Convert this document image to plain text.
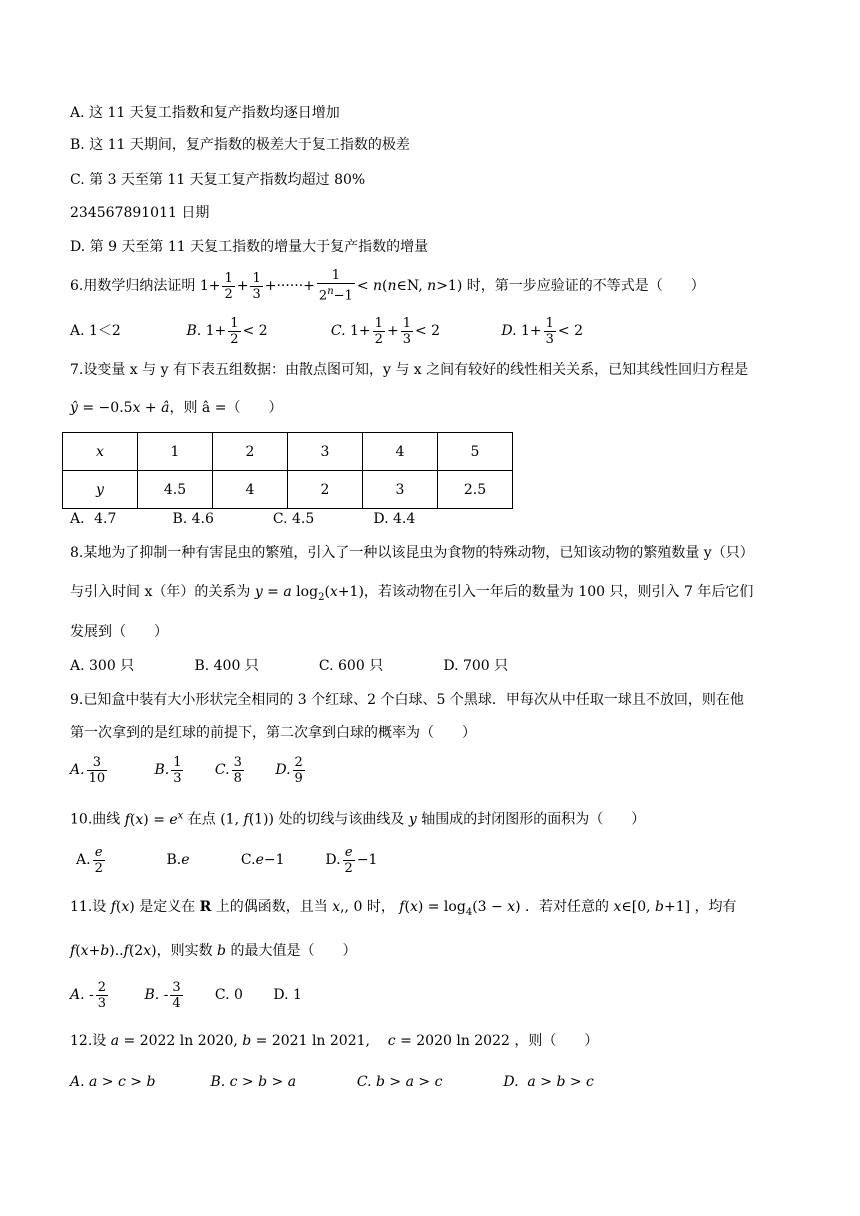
A. 这 11 天复工指数和复产指数均逐日增加
B. 这 11 天期间，复产指数的极差大于复工指数的极差
C. 第 3 天至第 11 天复工复产指数均超过 80%
234567891011 日期
D. 第 9 天至第 11 天复工指数的增量大于复产指数的增量
6.用数学归纳法证明 $1+ \frac{1}{2} + \frac{1}{3}$ +······+ $\frac{1}{2^n-1}$ < n(n∈N, n>1) 时，第一步应验证的不等式是（　　）
A. 1＜2	B. $1+ \frac{1}{2} < 2$	C. $1+ \frac{1}{2} + \frac{1}{3} < 2$	D. $1+ \frac{1}{3} < 2$
7.设变量 x 与 y 有下表五组数据：由散点图可知，y 与 x 之间有较好的线性相关关系，已知其线性回归方程是
ŷ = −0.5x + â，则 â =（　　）
x	1	2	3	4	5
y	4.5	4	2	3	2.5
A．4.7	B. 4.6	C. 4.5	D. 4.4
8.某地为了抑制一种有害昆虫的繁殖，引入了一种以该昆虫为食物的特殊动物，已知该动物的繁殖数量 y（只）
与引入时间 x（年）的关系为 y = a $\log_2(x+1)$，若该动物在引入一年后的数量为 100 只，则引入 7 年后它们
发展到（　　）
A. 300 只	B. 400 只	C. 600 只	D. 700 只
9.已知盒中装有大小形状完全相同的 3 个红球、2 个白球、5 个黑球．甲每次从中任取一球且不放回，则在他
第一次拿到的是红球的前提下，第二次拿到白球的概率为（　　）
A. $\frac{3}{10}$	B. $\frac{1}{3} C$. $\frac{3}{8} D$. $\frac{2}{9}$
10.曲线 $f(x) = e^x$ 在点 (1, f(1)) 处的切线与该曲线及 y 轴围成的封闭图形的面积为（　　）
A. $\frac{e}{2}$	B.e	C.e−1	D. $\frac{e}{2} -1$
11.设 f(x) 是定义在 R 上的偶函数，且当 x,, 0 时， $f(x) = \log_4(3 - x)$ ．若对任意的 x∈[0, b+1] ，均有
f(x+b)..f(2x)，则实数 b 的最大值是（　　）
A. - $\frac{2}{3}$	B. - $\frac{3}{4} C$. 0 D. 1
12.设 a = 2022 ln 2020, b = 2021 ln 2021,    c = 2020 ln 2022 ，则（　　）
A. a > c > b	B. c > b > a	C. b > a > c	D.  a > b > c
